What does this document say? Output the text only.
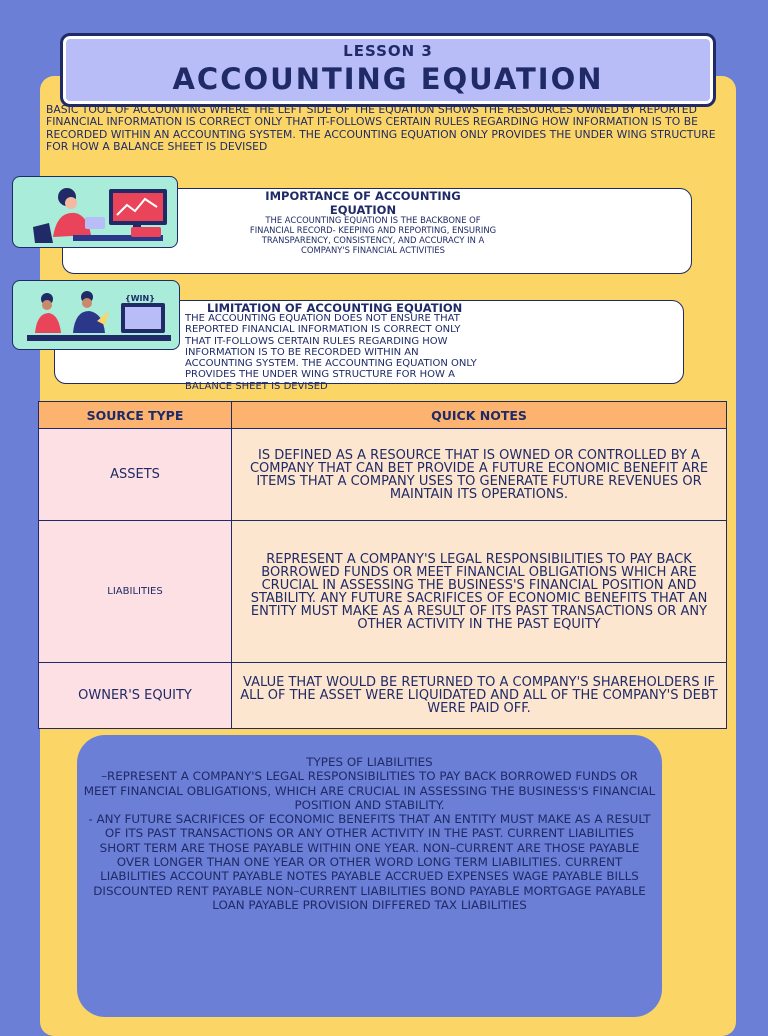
LESSON 3
ACCOUNTING EQUATION
BASIC TOOL OF ACCOUNTING WHERE THE LEFT SIDE OF THE EQUATION SHOWS THE RESOURCES OWNED BY REPORTED FINANCIAL INFORMATION IS CORRECT ONLY THAT IT-FOLLOWS CERTAIN RULES REGARDING HOW INFORMATION IS TO BE RECORDED WITHIN AN ACCOUNTING SYSTEM. THE ACCOUNTING EQUATION ONLY PROVIDES THE UNDER WING STRUCTURE FOR HOW A BALANCE SHEET IS DEVISED
IMPORTANCE OF ACCOUNTING
EQUATION
THE ACCOUNTING EQUATION IS THE BACKBONE OF
FINANCIAL RECORD- KEEPING AND REPORTING, ENSURING
TRANSPARENCY, CONSISTENCY, AND ACCURACY IN A
COMPANY'S FINANCIAL ACTIVITIES
LIMITATION OF ACCOUNTING EQUATION
THE ACCOUNTING EQUATION DOES NOT ENSURE THAT
REPORTED FINANCIAL INFORMATION IS CORRECT ONLY
THAT IT-FOLLOWS CERTAIN RULES REGARDING HOW
INFORMATION IS TO BE RECORDED WITHIN AN
ACCOUNTING SYSTEM. THE ACCOUNTING EQUATION ONLY
PROVIDES THE UNDER WING STRUCTURE FOR HOW A
BALANCE SHEET IS DEVISED
{WIN}
SOURCE TYPE	QUICK NOTES
ASSETS	IS DEFINED AS A RESOURCE THAT IS OWNED OR CONTROLLED BY A COMPANY THAT CAN BET PROVIDE A FUTURE ECONOMIC BENEFIT ARE ITEMS THAT A COMPANY USES TO GENERATE FUTURE REVENUES OR MAINTAIN ITS OPERATIONS.
LIABILITIES	REPRESENT A COMPANY'S LEGAL RESPONSIBILITIES TO PAY BACK BORROWED FUNDS OR MEET FINANCIAL OBLIGATIONS WHICH ARE CRUCIAL IN ASSESSING THE BUSINESS'S FINANCIAL POSITION AND STABILITY. ANY FUTURE SACRIFICES OF ECONOMIC BENEFITS THAT AN ENTITY MUST MAKE AS A RESULT OF ITS PAST TRANSACTIONS OR ANY OTHER ACTIVITY IN THE PAST EQUITY
OWNER'S EQUITY	VALUE THAT WOULD BE RETURNED TO A COMPANY'S SHAREHOLDERS IF ALL OF THE ASSET WERE LIQUIDATED AND ALL OF THE COMPANY'S DEBT WERE PAID OFF.
TYPES OF LIABILITIES
–REPRESENT A COMPANY'S LEGAL RESPONSIBILITIES TO PAY BACK BORROWED FUNDS OR MEET FINANCIAL OBLIGATIONS, WHICH ARE CRUCIAL IN ASSESSING THE BUSINESS'S FINANCIAL POSITION AND STABILITY.
- ANY FUTURE SACRIFICES OF ECONOMIC BENEFITS THAT AN ENTITY MUST MAKE AS A RESULT OF ITS PAST TRANSACTIONS OR ANY OTHER ACTIVITY IN THE PAST. CURRENT LIABILITIES SHORT TERM ARE THOSE PAYABLE WITHIN ONE YEAR. NON–CURRENT ARE THOSE PAYABLE OVER LONGER THAN ONE YEAR OR OTHER WORD LONG TERM LIABILITIES. CURRENT LIABILITIES ACCOUNT PAYABLE NOTES PAYABLE ACCRUED EXPENSES WAGE PAYABLE BILLS DISCOUNTED RENT PAYABLE NON–CURRENT LIABILITIES BOND PAYABLE MORTGAGE PAYABLE LOAN PAYABLE PROVISION DIFFERED TAX LIABILITIES
